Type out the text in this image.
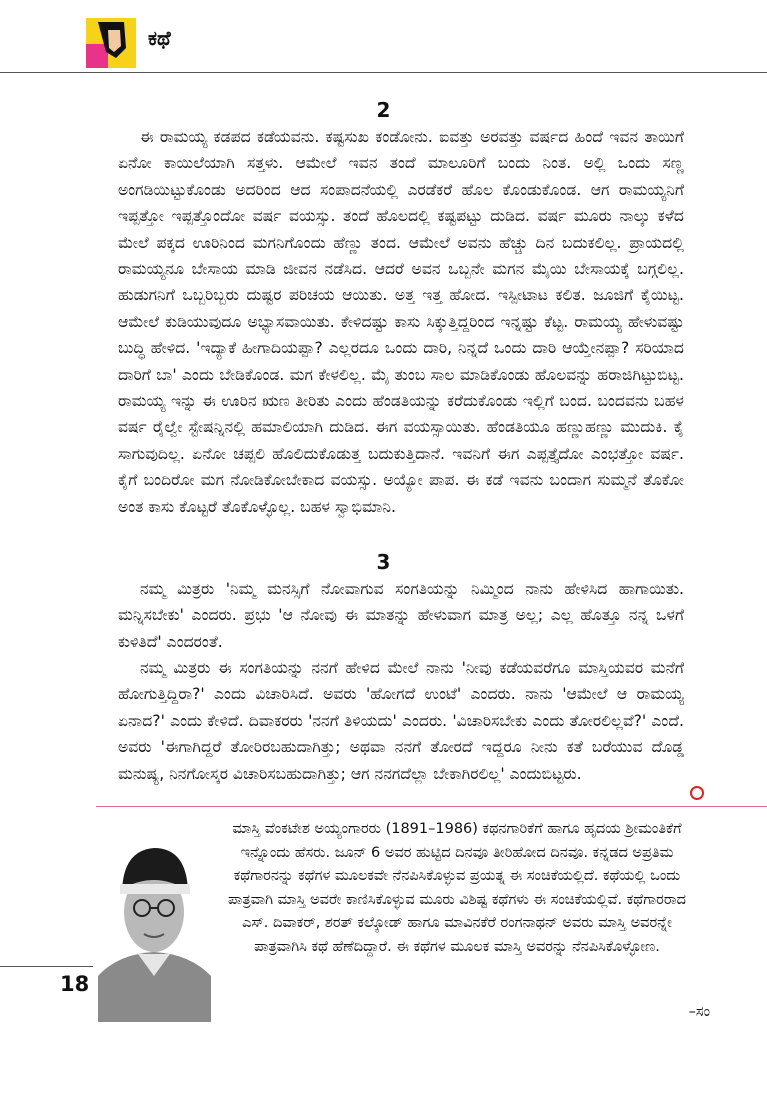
ಕಥೆ
2

ಈ ರಾಮಯ್ಯ ಕಡಪದ ಕಡೆಯವನು. ಕಷ್ಟಸುಖ ಕಂಡೋನು. ಐವತ್ತು ಅರವತ್ತು ವರ್ಷದ ಹಿಂದೆ ಇವನ ತಾಯಿಗೆ ಏನೋ ಕಾಯಿಲೆಯಾಗಿ ಸತ್ತಳು. ಆಮೇಲೆ ಇವನ ತಂದೆ ಮಾಲೂರಿಗೆ ಬಂದು ನಿಂತ. ಅಲ್ಲಿ ಒಂದು ಸಣ್ಣ ಅಂಗಡಿಯಿಟ್ಟುಕೊಂಡು ಅದರಿಂದ ಆದ ಸಂಪಾದನೆಯಲ್ಲಿ ಎರಡೆಕರೆ ಹೊಲ ಕೊಂಡುಕೊಂಡ. ಆಗ ರಾಮಯ್ಯನಿಗೆ ಇಪ್ಪತ್ತೋ ಇಪ್ಪತ್ತೊಂದೋ ವರ್ಷ ವಯಸ್ಸು. ತಂದೆ ಹೊಲದಲ್ಲಿ ಕಷ್ಟಪಟ್ಟು ದುಡಿದ. ವರ್ಷ ಮೂರು ನಾಲ್ಕು ಕಳೆದ ಮೇಲೆ ಪಕ್ಕದ ಊರಿನಿಂದ ಮಗನಿಗೊಂದು ಹೆಣ್ಣು ತಂದ. ಆಮೇಲೆ ಅವನು ಹೆಚ್ಚು ದಿನ ಬದುಕಲಿಲ್ಲ. ಪ್ರಾಯದಲ್ಲಿ ರಾಮಯ್ಯನೂ ಬೇಸಾಯ ಮಾಡಿ ಜೀವನ ನಡೆಸಿದ. ಆದರೆ ಅವನ ಒಬ್ಬನೇ ಮಗನ ಮೈಯಿ ಬೇಸಾಯಕ್ಕೆ ಬಗ್ಗಲಿಲ್ಲ. ಹುಡುಗನಿಗೆ ಒಬ್ಬರಿಬ್ಬರು ದುಷ್ಟರ ಪರಿಚಯ ಆಯಿತು. ಅತ್ತ ಇತ್ತ ಹೋದ. ಇಸ್ಪೀಟಾಟ ಕಲಿತ. ಜೂಜಿಗೆ ಕೈಯಿಟ್ಟ. ಆಮೇಲೆ ಕುಡಿಯುವುದೂ ಅಭ್ಯಾಸವಾಯಿತು. ಕೇಳಿದಷ್ಟು ಕಾಸು ಸಿಕ್ಕುತ್ತಿದ್ದರಿಂದ ಇನ್ನಷ್ಟು ಕೆಟ್ಟ. ರಾಮಯ್ಯ ಹೇಳುವಷ್ಟು ಬುದ್ಧಿ ಹೇಳಿದ. 'ಇದ್ಯಾಕೆ ಹೀಗಾದಿಯಪ್ಪಾ? ಎಲ್ಲರದೂ ಒಂದು ದಾರಿ, ನಿನ್ನದೆ ಒಂದು ದಾರಿ ಆಯ್ತೇನಪ್ಪಾ? ಸರಿಯಾದ ದಾರಿಗೆ ಬಾ' ಎಂದು ಬೇಡಿಕೊಂಡ. ಮಗ ಕೇಳಲಿಲ್ಲ. ಮೈ ತುಂಬ ಸಾಲ ಮಾಡಿಕೊಂಡು ಹೊಲವನ್ನು ಹರಾಜಿಗಿಟ್ಟುಬಿಟ್ಟ. ರಾಮಯ್ಯ ಇನ್ನು ಈ ಊರಿನ ಋಣ ತೀರಿತು ಎಂದು ಹೆಂಡತಿಯನ್ನು ಕರೆದುಕೊಂಡು ಇಲ್ಲಿಗೆ ಬಂದ. ಬಂದವನು ಬಹಳ ವರ್ಷ ರೈಲ್ವೇ ಸ್ಟೇಷನ್ನಿನಲ್ಲಿ ಹಮಾಲಿಯಾಗಿ ದುಡಿದ. ಈಗ ವಯಸ್ಸಾಯಿತು. ಹೆಂಡತಿಯೂ ಹಣ್ಣುಹಣ್ಣು ಮುದುಕಿ. ಕೈ ಸಾಗುವುದಿಲ್ಲ. ಏನೋ ಚಪ್ಪಲಿ ಹೊಲಿದುಕೊಡುತ್ತ ಬದುಕುತ್ತಿದಾನೆ. ಇವನಿಗೆ ಈಗ ಎಪ್ಪತ್ತೈದೋ ಎಂಭತ್ತೋ ವರ್ಷ. ಕೈಗೆ ಬಂದಿರೋ ಮಗ ನೋಡಿಕೋಬೇಕಾದ ವಯಸ್ಸು. ಅಯ್ಯೋ ಪಾಪ. ಈ ಕಡೆ ಇವನು ಬಂದಾಗ ಸುಮ್ಮನೆ ತೊಕೋ ಅಂತ ಕಾಸು ಕೊಟ್ಟರೆ ತೊಕೊಳ್ಳೊಲ್ಲ. ಬಹಳ ಸ್ವಾಭಿಮಾನಿ.

3

ನಮ್ಮ ಮಿತ್ರರು 'ನಿಮ್ಮ ಮನಸ್ಸಿಗೆ ನೋವಾಗುವ ಸಂಗತಿಯನ್ನು ನಿಮ್ಮಿಂದ ನಾನು ಹೇಳಿಸಿದ ಹಾಗಾಯಿತು. ಮನ್ನಿಸಬೇಕು' ಎಂದರು. ಪ್ರಭು 'ಆ ನೋವು ಈ ಮಾತನ್ನು ಹೇಳುವಾಗ ಮಾತ್ರ ಅಲ್ಲ; ಎಲ್ಲ ಹೊತ್ತೂ ನನ್ನ ಒಳಗೆ ಕುಳಿತಿದೆ' ಎಂದರಂತೆ.

ನಮ್ಮ ಮಿತ್ರರು ಈ ಸಂಗತಿಯನ್ನು ನನಗೆ ಹೇಳಿದ ಮೇಲೆ ನಾನು 'ನೀವು ಕಡೆಯವರೆಗೂ ಮಾಸ್ತಿಯವರ ಮನೆಗೆ ಹೋಗುತ್ತಿದ್ದಿರಾ?' ಎಂದು ವಿಚಾರಿಸಿದೆ. ಅವರು 'ಹೋಗದೆ ಉಂಟೆ' ಎಂದರು. ನಾನು 'ಆಮೇಲೆ ಆ ರಾಮಯ್ಯ ಏನಾದ?' ಎಂದು ಕೇಳಿದೆ. ದಿವಾಕರರು 'ನನಗೆ ತಿಳಿಯದು' ಎಂದರು. 'ವಿಚಾರಿಸಬೇಕು ಎಂದು ತೋರಲಿಲ್ಲವೆ?' ಎಂದೆ. ಅವರು 'ಈಗಾಗಿದ್ದರೆ ತೋರಿರಬಹುದಾಗಿತ್ತು; ಅಥವಾ ನನಗೆ ತೋರದೆ ಇದ್ದರೂ ನೀನು ಕತೆ ಬರೆಯುವ ದೊಡ್ಡ ಮನುಷ್ಯ, ನಿನಗೋಸ್ಕರ ವಿಚಾರಿಸಬಹುದಾಗಿತ್ತು; ಆಗ ನನಗದೆಲ್ಲಾ ಬೇಕಾಗಿರಲಿಲ್ಲ' ಎಂದುಬಿಟ್ಟರು.

ಮಾಸ್ತಿ ವೆಂಕಟೇಶ ಅಯ್ಯಂಗಾರರು (1891–1986) ಕಥನಗಾರಿಕೆಗೆ ಹಾಗೂ ಹೃದಯ ಶ್ರೀಮಂತಿಕೆಗೆ ಇನ್ನೊಂದು ಹೆಸರು. ಜೂನ್ 6 ಅವರ ಹುಟ್ಟಿದ ದಿನವೂ ತೀರಿಹೋದ ದಿನವೂ. ಕನ್ನಡದ ಅಪ್ರತಿಮ ಕಥೆಗಾರನನ್ನು ಕಥೆಗಳ ಮೂಲಕವೇ ನೆನಪಿಸಿಕೊಳ್ಳುವ ಪ್ರಯತ್ನ ಈ ಸಂಚಿಕೆಯಲ್ಲಿದೆ. ಕಥೆಯಲ್ಲಿ ಒಂದು ಪಾತ್ರವಾಗಿ ಮಾಸ್ತಿ ಅವರೇ ಕಾಣಿಸಿಕೊಳ್ಳುವ ಮೂರು ವಿಶಿಷ್ಟ ಕಥೆಗಳು ಈ ಸಂಚಿಕೆಯಲ್ಲಿವೆ. ಕಥೆಗಾರರಾದ ಎಸ್. ದಿವಾಕರ್, ಶರತ್ ಕಲ್ಕೋಡ್ ಹಾಗೂ ಮಾವಿನಕೆರೆ ರಂಗನಾಥನ್ ಅವರು ಮಾಸ್ತಿ ಅವರನ್ನೇ ಪಾತ್ರವಾಗಿಸಿ ಕಥೆ ಹೆಣೆದಿದ್ದಾರೆ. ಈ ಕಥೆಗಳ ಮೂಲಕ ಮಾಸ್ತಿ ಅವರನ್ನು ನೆನಪಿಸಿಕೊಳ್ಳೋಣ.

–ಸಂ

18
